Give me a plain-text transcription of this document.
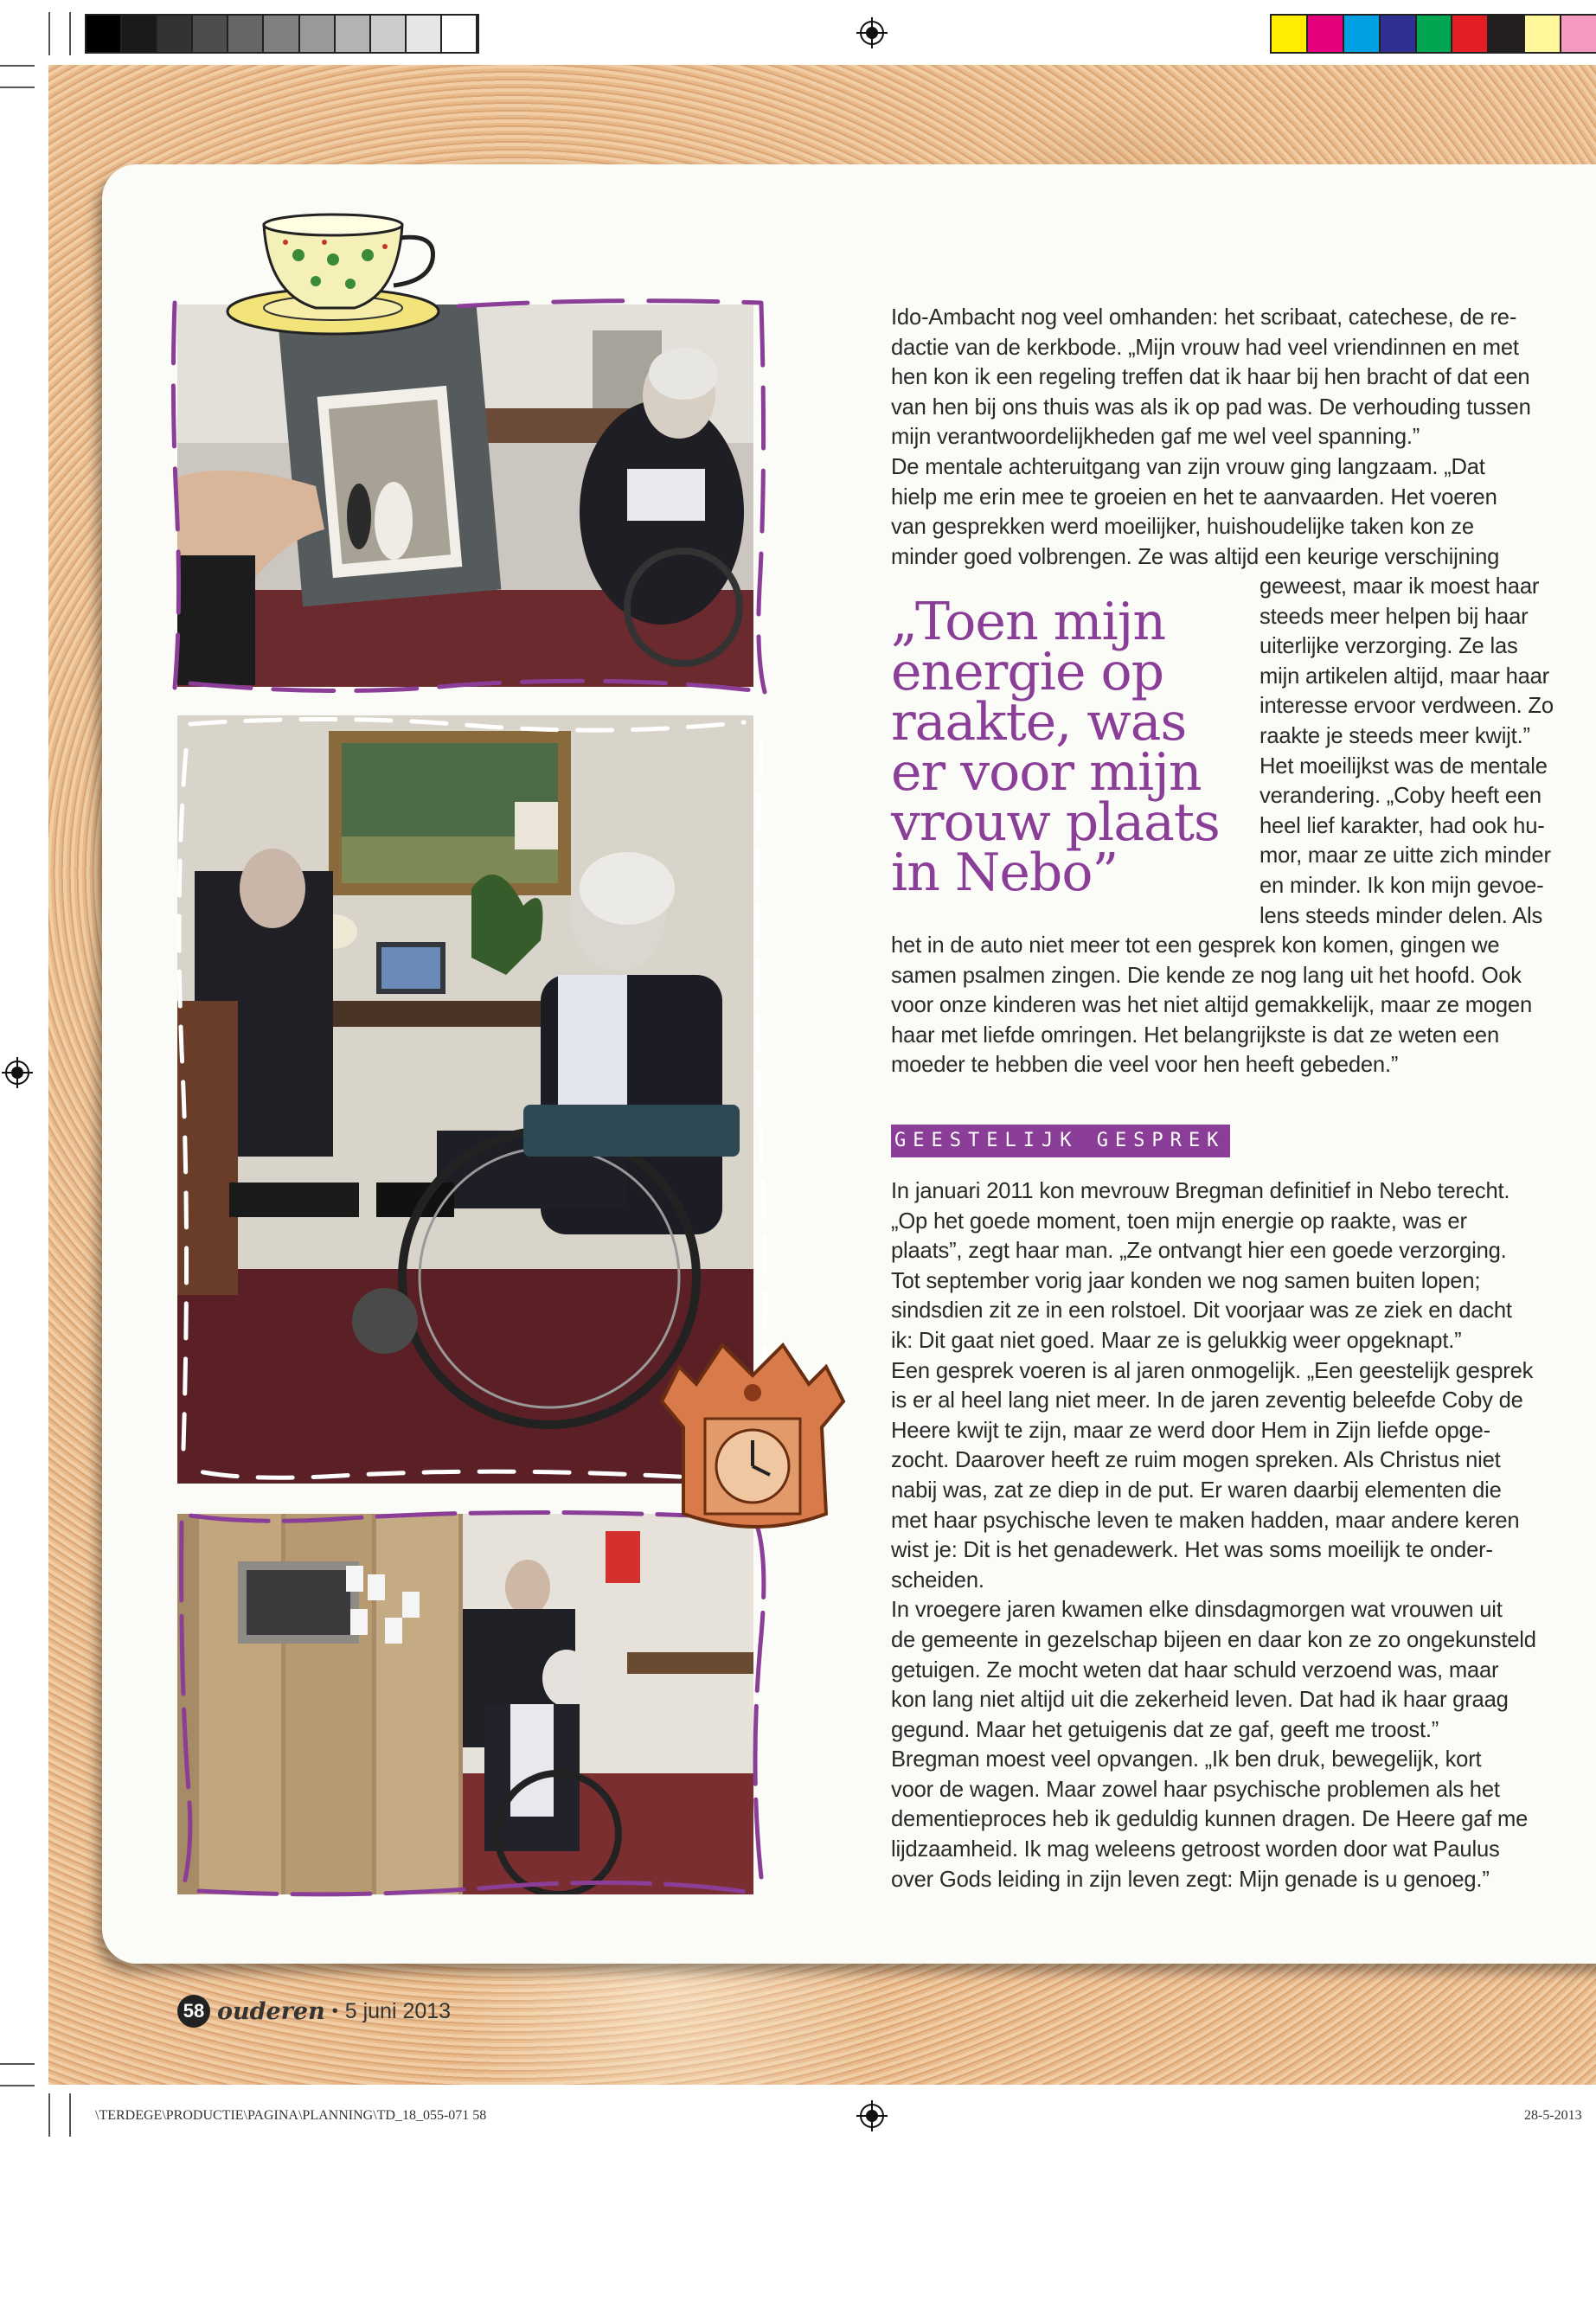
Ido-Ambacht nog veel omhanden: het scribaat, catechese, de re-
dactie van de kerkbode. „Mijn vrouw had veel vriendinnen en met
hen kon ik een regeling treffen dat ik haar bij hen bracht of dat een
van hen bij ons thuis was als ik op pad was. De verhouding tussen
mijn verantwoordelijkheden gaf me wel veel spanning.”
De mentale achteruitgang van zijn vrouw ging langzaam. „Dat
hielp me erin mee te groeien en het te aanvaarden. Het voeren
van gesprekken werd moeilijker, huishoudelijke taken kon ze
minder goed volbrengen. Ze was altijd een keurige verschijning
geweest, maar ik moest haar
steeds meer helpen bij haar
uiterlijke verzorging. Ze las
mijn artikelen altijd, maar haar
interesse ervoor verdween. Zo
raakte je steeds meer kwijt.”
Het moeilijkst was de mentale
verandering. „Coby heeft een
heel lief karakter, had ook hu-
mor, maar ze uitte zich minder
en minder. Ik kon mijn gevoe-
lens steeds minder delen. Als
het in de auto niet meer tot een gesprek kon komen, gingen we
samen psalmen zingen. Die kende ze nog lang uit het hoofd. Ook
voor onze kinderen was het niet altijd gemakkelijk, maar ze mogen
haar met liefde omringen. Het belangrijkste is dat ze weten een
moeder te hebben die veel voor hen heeft gebeden.”
„Toen mijn
energie op
raakte, was
er voor mijn
vrouw plaats
in Nebo”
GEESTELIJK GESPREK
In januari 2011 kon mevrouw Bregman definitief in Nebo terecht.
„Op het goede moment, toen mijn energie op raakte, was er
plaats”, zegt haar man. „Ze ontvangt hier een goede verzorging.
Tot september vorig jaar konden we nog samen buiten lopen;
sindsdien zit ze in een rolstoel. Dit voorjaar was ze ziek en dacht
ik: Dit gaat niet goed. Maar ze is gelukkig weer opgeknapt.”
Een gesprek voeren is al jaren onmogelijk. „Een geestelijk gesprek
is er al heel lang niet meer. In de jaren zeventig beleefde Coby de
Heere kwijt te zijn, maar ze werd door Hem in Zijn liefde opge-
zocht. Daarover heeft ze ruim mogen spreken. Als Christus niet
nabij was, zat ze diep in de put. Er waren daarbij elementen die
met haar psychische leven te maken hadden, maar andere keren
wist je: Dit is het genadewerk. Het was soms moeilijk te onder-
scheiden.
In vroegere jaren kwamen elke dinsdagmorgen wat vrouwen uit
de gemeente in gezelschap bijeen en daar kon ze zo ongekunsteld
getuigen. Ze mocht weten dat haar schuld verzoend was, maar
kon lang niet altijd uit die zekerheid leven. Dat had ik haar graag
gegund. Maar het getuigenis dat ze gaf, geeft me troost.”
Bregman moest veel opvangen. „Ik ben druk, bewegelijk, kort
voor de wagen. Maar zowel haar psychische problemen als het
dementieproces heb ik geduldig kunnen dragen. De Heere gaf me
lijdzaamheid. Ik mag weleens getroost worden door wat Paulus
over Gods leiding in zijn leven zegt: Mijn genade is u genoeg.”
58 ouderen • 5 juni 2013
\TERDEGE\PRODUCTIE\PAGINA\PLANNING\TD_18_055-071 58	28-5-2013
